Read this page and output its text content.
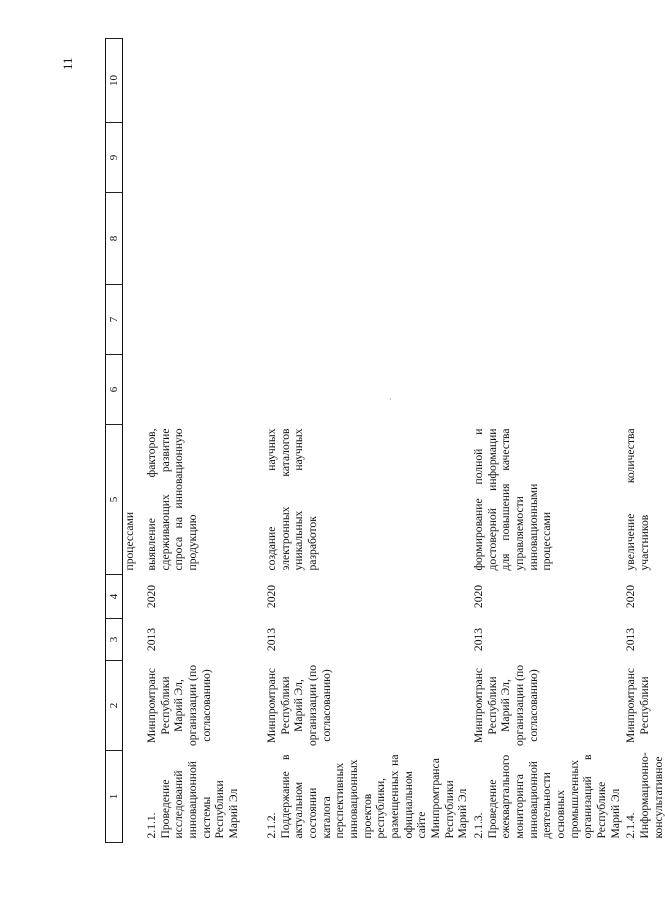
11
.
1	2	3	4	5	6	7	8	9	10
				процессами					
2.1.1. Проведение исследований инновационной системы Республики Марий Эл	Минпромтранс Республики Марий Эл, организации (по согласованию)	2013	2020	выявление факторов, сдерживающих развитие спроса на инновационную продукцию					
2.1.2. Поддержание в актуальном состоянии каталога перспективных инновационных проектов республики, размещенных на официальном сайте Минпромтранса Республики Марий Эл	Минпромтранс Республики Марий Эл, организации (по согласованию)	2013	2020	создание научных электронных каталогов уникальных научных разработок					
2.1.3. Проведение ежеквартального мониторинга инновационной деятельности основных промышленных организаций в Республике Марий Эл	Минпромтранс Республики Марий Эл, организации (по согласованию)	2013	2020	формирование полной и достоверной информации для повышения качества управляемости инновационными процессами					
2.1.4. Информационно-консультативное	Минпромтранс Республики	2013	2020	увеличение количества участников					
